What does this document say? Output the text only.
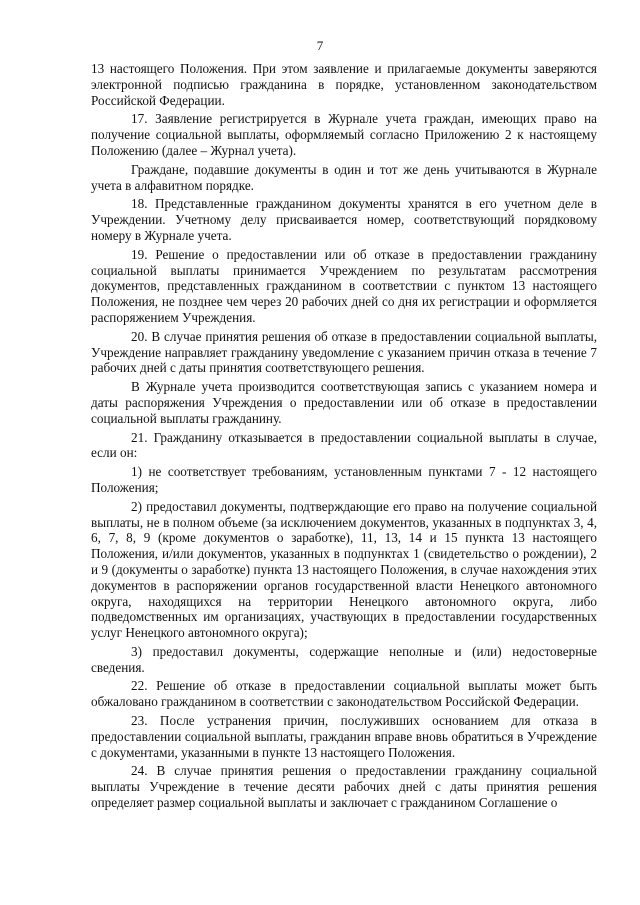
7

13 настоящего Положения. При этом заявление и прилагаемые документы заверяются электронной подписью гражданина в порядке, установленном законодательством Российской Федерации.

17. Заявление регистрируется в Журнале учета граждан, имеющих право на получение социальной выплаты, оформляемый согласно Приложению 2 к настоящему Положению (далее – Журнал учета).

Граждане, подавшие документы в один и тот же день учитываются в Журнале учета в алфавитном порядке.

18. Представленные гражданином документы хранятся в его учетном деле в Учреждении. Учетному делу присваивается номер, соответствующий порядковому номеру в Журнале учета.

19. Решение о предоставлении или об отказе в предоставлении гражданину социальной выплаты принимается Учреждением по результатам рассмотрения документов, представленных гражданином в соответствии с пунктом 13 настоящего Положения, не позднее чем через 20 рабочих дней со дня их регистрации и оформляется распоряжением Учреждения.

20. В случае принятия решения об отказе в предоставлении социальной выплаты, Учреждение направляет гражданину уведомление с указанием причин отказа в течение 7 рабочих дней с даты принятия соответствующего решения.

В Журнале учета производится соответствующая запись с указанием номера и даты распоряжения Учреждения о предоставлении или об отказе в предоставлении социальной выплаты гражданину.

21. Гражданину отказывается в предоставлении социальной выплаты в случае, если он:

1) не соответствует требованиям, установленным пунктами 7 - 12 настоящего Положения;

2) предоставил документы, подтверждающие его право на получение социальной выплаты, не в полном объеме (за исключением документов, указанных в подпунктах 3, 4, 6, 7, 8, 9 (кроме документов о заработке), 11, 13, 14 и 15 пункта 13 настоящего Положения, и/или документов, указанных в подпунктах 1 (свидетельство о рождении), 2 и 9 (документы о заработке) пункта 13 настоящего Положения, в случае нахождения этих документов в распоряжении органов государственной власти Ненецкого автономного округа, находящихся на территории Ненецкого автономного округа, либо подведомственных им организациях, участвующих в предоставлении государственных услуг Ненецкого автономного округа);

3) предоставил документы, содержащие неполные и (или) недостоверные сведения.

22. Решение об отказе в предоставлении социальной выплаты может быть обжаловано гражданином в соответствии с законодательством Российской Федерации.

23. После устранения причин, послуживших основанием для отказа в предоставлении социальной выплаты, гражданин вправе вновь обратиться в Учреждение с документами, указанными в пункте 13 настоящего Положения.

24. В случае принятия решения о предоставлении гражданину социальной выплаты Учреждение в течение десяти рабочих дней с даты принятия решения определяет размер социальной выплаты и заключает с гражданином Соглашение о
